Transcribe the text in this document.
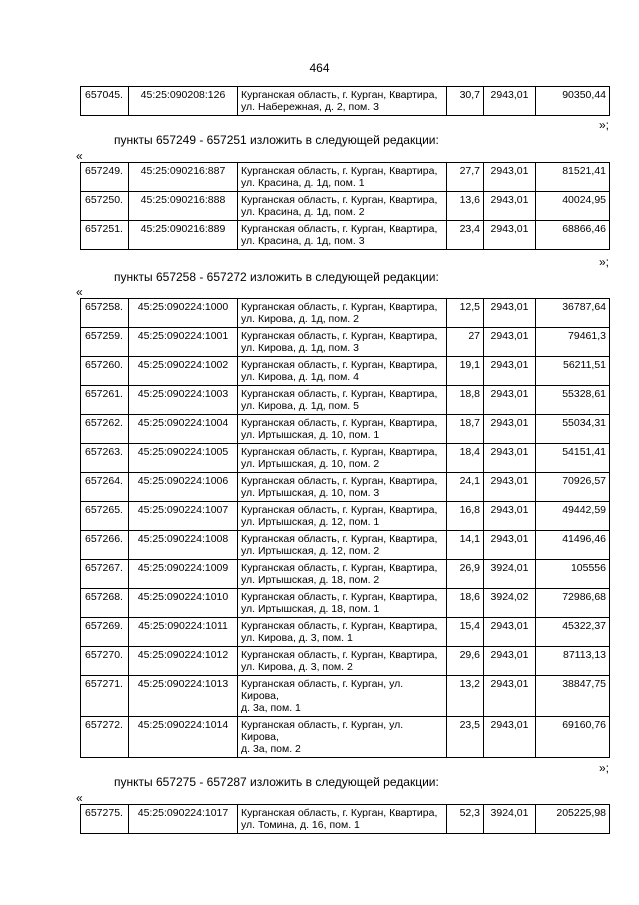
464
657045.	45:25:090208:126	Курганская область, г. Курган, Квартира,
ул. Набережная, д. 2, пом. 3
	30,7	2943,01	90350,44
»;
пункты 657249 - 657251 изложить в следующей редакции:
«
657249.	45:25:090216:887	Курганская область, г. Курган, Квартира,
ул. Красина, д. 1д, пом. 1	27,7	2943,01	81521,41
657250.	45:25:090216:888	Курганская область, г. Курган, Квартира,
ул. Красина, д. 1д, пом. 2	13,6	2943,01	40024,95
657251.	45:25:090216:889	Курганская область, г. Курган, Квартира,
ул. Красина, д. 1д, пом. 3	23,4	2943,01	68866,46
»;
пункты 657258 - 657272 изложить в следующей редакции:
«
657258.	45:25:090224:1000	Курганская область, г. Курган, Квартира,
ул. Кирова, д. 1д, пом. 2	12,5	2943,01	36787,64
657259.	45:25:090224:1001	Курганская область, г. Курган, Квартира,
ул. Кирова, д. 1д, пом. 3	27	2943,01	79461,3
657260.	45:25:090224:1002	Курганская область, г. Курган, Квартира,
ул. Кирова, д. 1д, пом. 4	19,1	2943,01	56211,51
657261.	45:25:090224:1003	Курганская область, г. Курган, Квартира,
ул. Кирова, д. 1д, пом. 5	18,8	2943,01	55328,61
657262.	45:25:090224:1004	Курганская область, г. Курган, Квартира,
ул. Иртышская, д. 10, пом. 1	18,7	2943,01	55034,31
657263.	45:25:090224:1005	Курганская область, г. Курган, Квартира,
ул. Иртышская, д. 10, пом. 2	18,4	2943,01	54151,41
657264.	45:25:090224:1006	Курганская область, г. Курган, Квартира,
ул. Иртышская, д. 10, пом. 3	24,1	2943,01	70926,57
657265.	45:25:090224:1007	Курганская область, г. Курган, Квартира,
ул. Иртышская, д. 12, пом. 1	16,8	2943,01	49442,59
657266.	45:25:090224:1008	Курганская область, г. Курган, Квартира,
ул. Иртышская, д. 12, пом. 2	14,1	2943,01	41496,46
657267.	45:25:090224:1009	Курганская область, г. Курган, Квартира,
ул. Иртышская, д. 18, пом. 2	26,9	3924,01	105556
657268.	45:25:090224:1010	Курганская область, г. Курган, Квартира,
ул. Иртышская, д. 18, пом. 1	18,6	3924,02	72986,68
657269.	45:25:090224:1011	Курганская область, г. Курган, Квартира,
ул. Кирова, д. 3, пом. 1	15,4	2943,01	45322,37
657270.	45:25:090224:1012	Курганская область, г. Курган, Квартира,
ул. Кирова, д. 3, пом. 2	29,6	2943,01	87113,13
657271.	45:25:090224:1013	Курганская область, г. Курган, ул. Кирова,
д. 3а, пом. 1	13,2	2943,01	38847,75
657272.	45:25:090224:1014	Курганская область, г. Курган, ул. Кирова,
д. 3а, пом. 2	23,5	2943,01	69160,76
»;
пункты 657275 - 657287 изложить в следующей редакции:
«
657275.	45:25:090224:1017	Курганская область, г. Курган, Квартира,
ул. Томина, д. 16, пом. 1
	52,3	3924,01	205225,98
